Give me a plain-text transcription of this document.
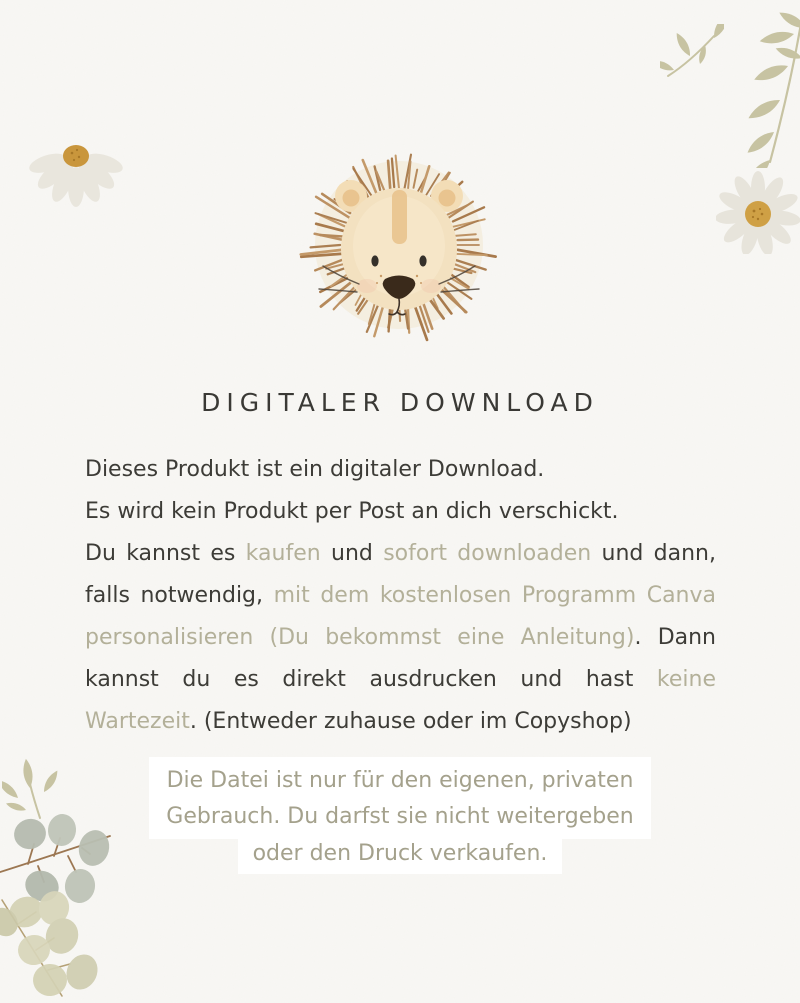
DIGITALER DOWNLOAD
Dieses Produkt ist ein digitaler Download.
Es wird kein Produkt per Post an dich verschickt.
Du kannst es kaufen und sofort downloaden und dann,
falls notwendig, mit dem kostenlosen Programm Canva
personalisieren (Du bekommst eine Anleitung). Dann
kannst du es direkt ausdrucken und hast keine
Wartezeit. (Entweder zuhause oder im Copyshop)
Die Datei ist nur für den eigenen, privaten
Gebrauch. Du darfst sie nicht weitergeben
oder den Druck verkaufen.
